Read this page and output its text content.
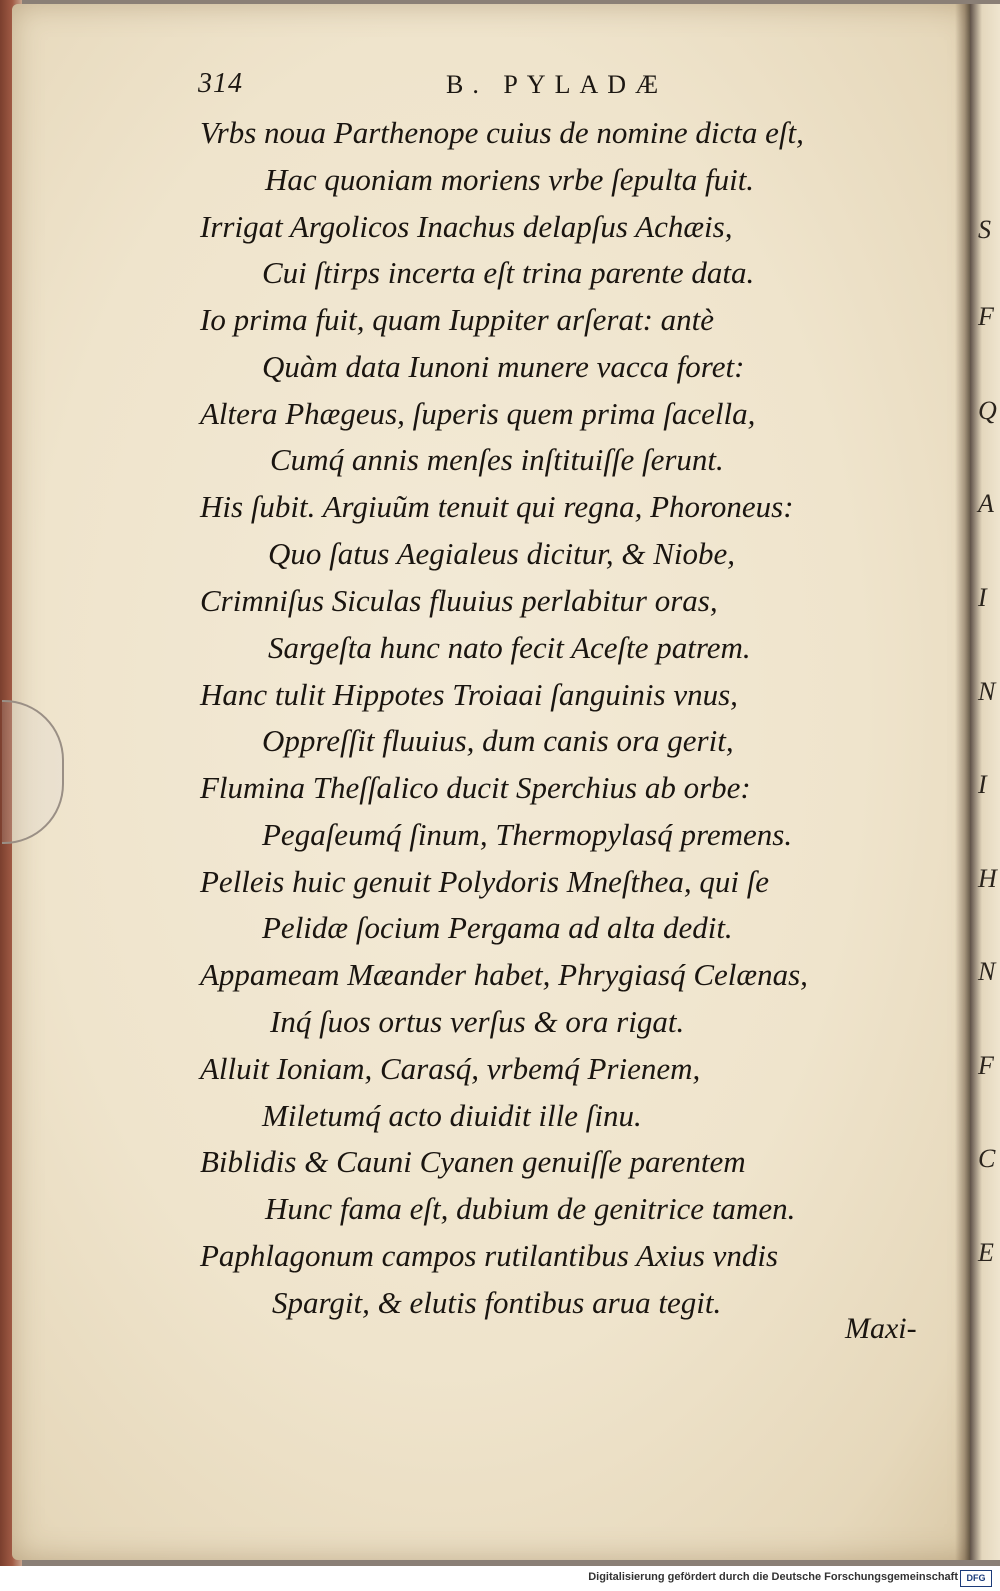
314	B. PYLADÆ
Vrbs noua Parthenope cuius de nomine dicta eſt,
Hac quoniam moriens vrbe ſepulta fuit.
Irrigat Argolicos Inachus delapſus Achæis,
Cui ſtirps incerta eſt trina parente data.
Io prima fuit, quam Iuppiter arſerat: antè
Quàm data Iunoni munere vacca foret:
Altera Phægeus, ſuperis quem prima ſacella,
Cumq́ annis menſes inſtituiſſe ſerunt.
His ſubit. Argiuũm tenuit qui regna, Phoroneus:
Quo ſatus Aegialeus dicitur, & Niobe,
Crimniſus Siculas fluuius perlabitur oras,
Sargeſta hunc nato fecit Aceſte patrem.
Hanc tulit Hippotes Troiaai ſanguinis vnus,
Oppreſſit fluuius, dum canis ora gerit,
Flumina Theſſalico ducit Sperchius ab orbe:
Pegaſeumq́ ſinum, Thermopylasq́ premens.
Pelleis huic genuit Polydoris Mneſthea, qui ſe
Pelidæ ſocium Pergama ad alta dedit.
Appameam Mæander habet, Phrygiasq́ Celænas,
Inq́ ſuos ortus verſus & ora rigat.
Alluit Ioniam, Carasq́, vrbemq́ Prienem,
Miletumq́ acto diuidit ille ſinu.
Biblidis & Cauni Cyanen genuiſſe parentem
Hunc fama eſt, dubium de genitrice tamen.
Paphlagonum campos rutilantibus Axius vndis
Spargit, & elutis fontibus arua tegit.
Maxi-
S
F
Q
A
I
N
I
H
N
F
C
E
Digitalisierung gefördert durch die Deutsche Forschungsgemeinschaft DFG
